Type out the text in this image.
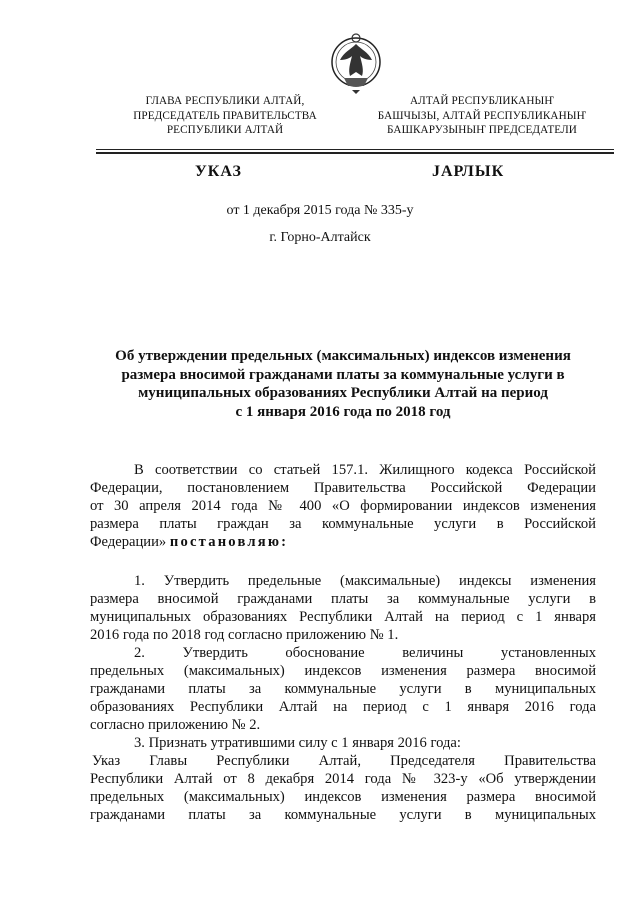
ГЛАВА РЕСПУБЛИКИ АЛТАЙ,
ПРЕДСЕДАТЕЛЬ ПРАВИТЕЛЬСТВА
РЕСПУБЛИКИ АЛТАЙ
АЛТАЙ РЕСПУБЛИКАНЫҤ
БАШЧЫЗЫ, АЛТАЙ РЕСПУБЛИКАНЫҤ
БАШКАРУЗЫНЫҤ ПРЕДСЕДАТЕЛИ
УКАЗ	JАРЛЫК
от 1 декабря 2015 года № 335-у
г. Горно-Алтайск
Об утверждении предельных (максимальных) индексов изменения
размера вносимой гражданами платы за коммунальные услуги в
муниципальных образованиях Республики Алтай на период
с 1 января 2016 года по 2018 год
В соответствии со статьей 157.1. Жилищного кодекса Российской
Федерации, постановлением Правительства Российской Федерации
от 30 апреля 2014 года № 400 «О формировании индексов изменения
размера платы граждан за коммунальные услуги в Российской
Федерации» постановляю:
1. Утвердить предельные (максимальные) индексы изменения
размера вносимой гражданами платы за коммунальные услуги в
муниципальных образованиях Республики Алтай на период с 1 января
2016 года по 2018 год согласно приложению № 1.
2. Утвердить обоснование величины установленных
предельных (максимальных) индексов изменения размера вносимой
гражданами платы за коммунальные услуги в муниципальных
образованиях Республики Алтай на период с 1 января 2016 года
согласно приложению № 2.
3. Признать утратившими силу с 1 января 2016 года:
Указ Главы Республики Алтай, Председателя Правительства
Республики Алтай от 8 декабря 2014 года № 323-у «Об утверждении
предельных (максимальных) индексов изменения размера вносимой
гражданами платы за коммунальные услуги в муниципальных
